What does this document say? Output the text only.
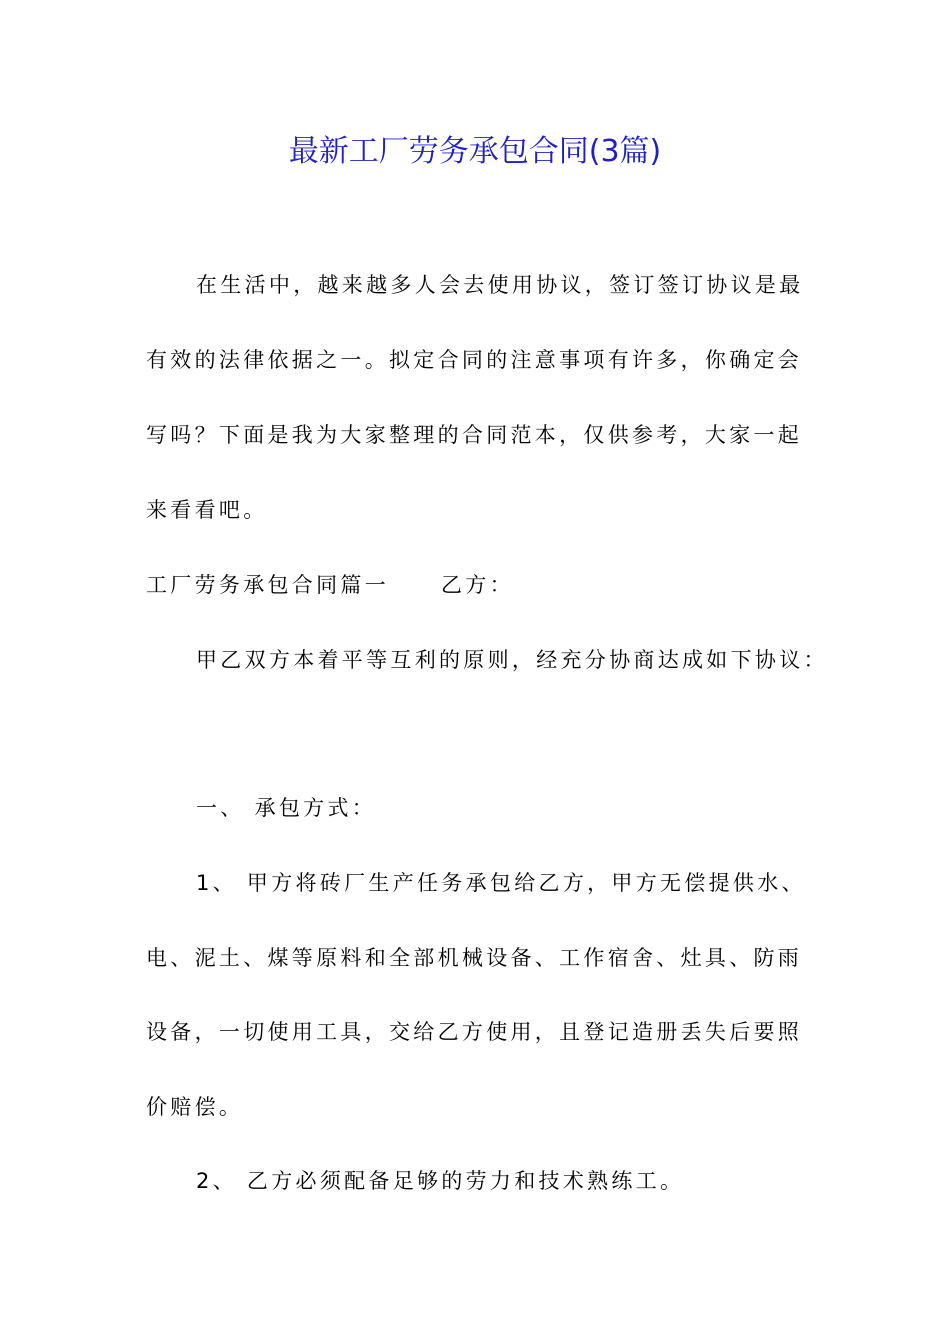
最新工厂劳务承包合同(3篇)
在生活中，越来越多人会去使用协议，签订签订协议是最
有效的法律依据之一。拟定合同的注意事项有许多，你确定会
写吗？下面是我为大家整理的合同范本，仅供参考，大家一起
来看看吧。
工厂劳务承包合同篇一 乙方：
甲乙双方本着平等互利的原则，经充分协商达成如下协议：
一、 承包方式：
1、 甲方将砖厂生产任务承包给乙方，甲方无偿提供水、
电、泥土、煤等原料和全部机械设备、工作宿舍、灶具、防雨
设备，一切使用工具，交给乙方使用，且登记造册丢失后要照
价赔偿。
2、 乙方必须配备足够的劳力和技术熟练工。
